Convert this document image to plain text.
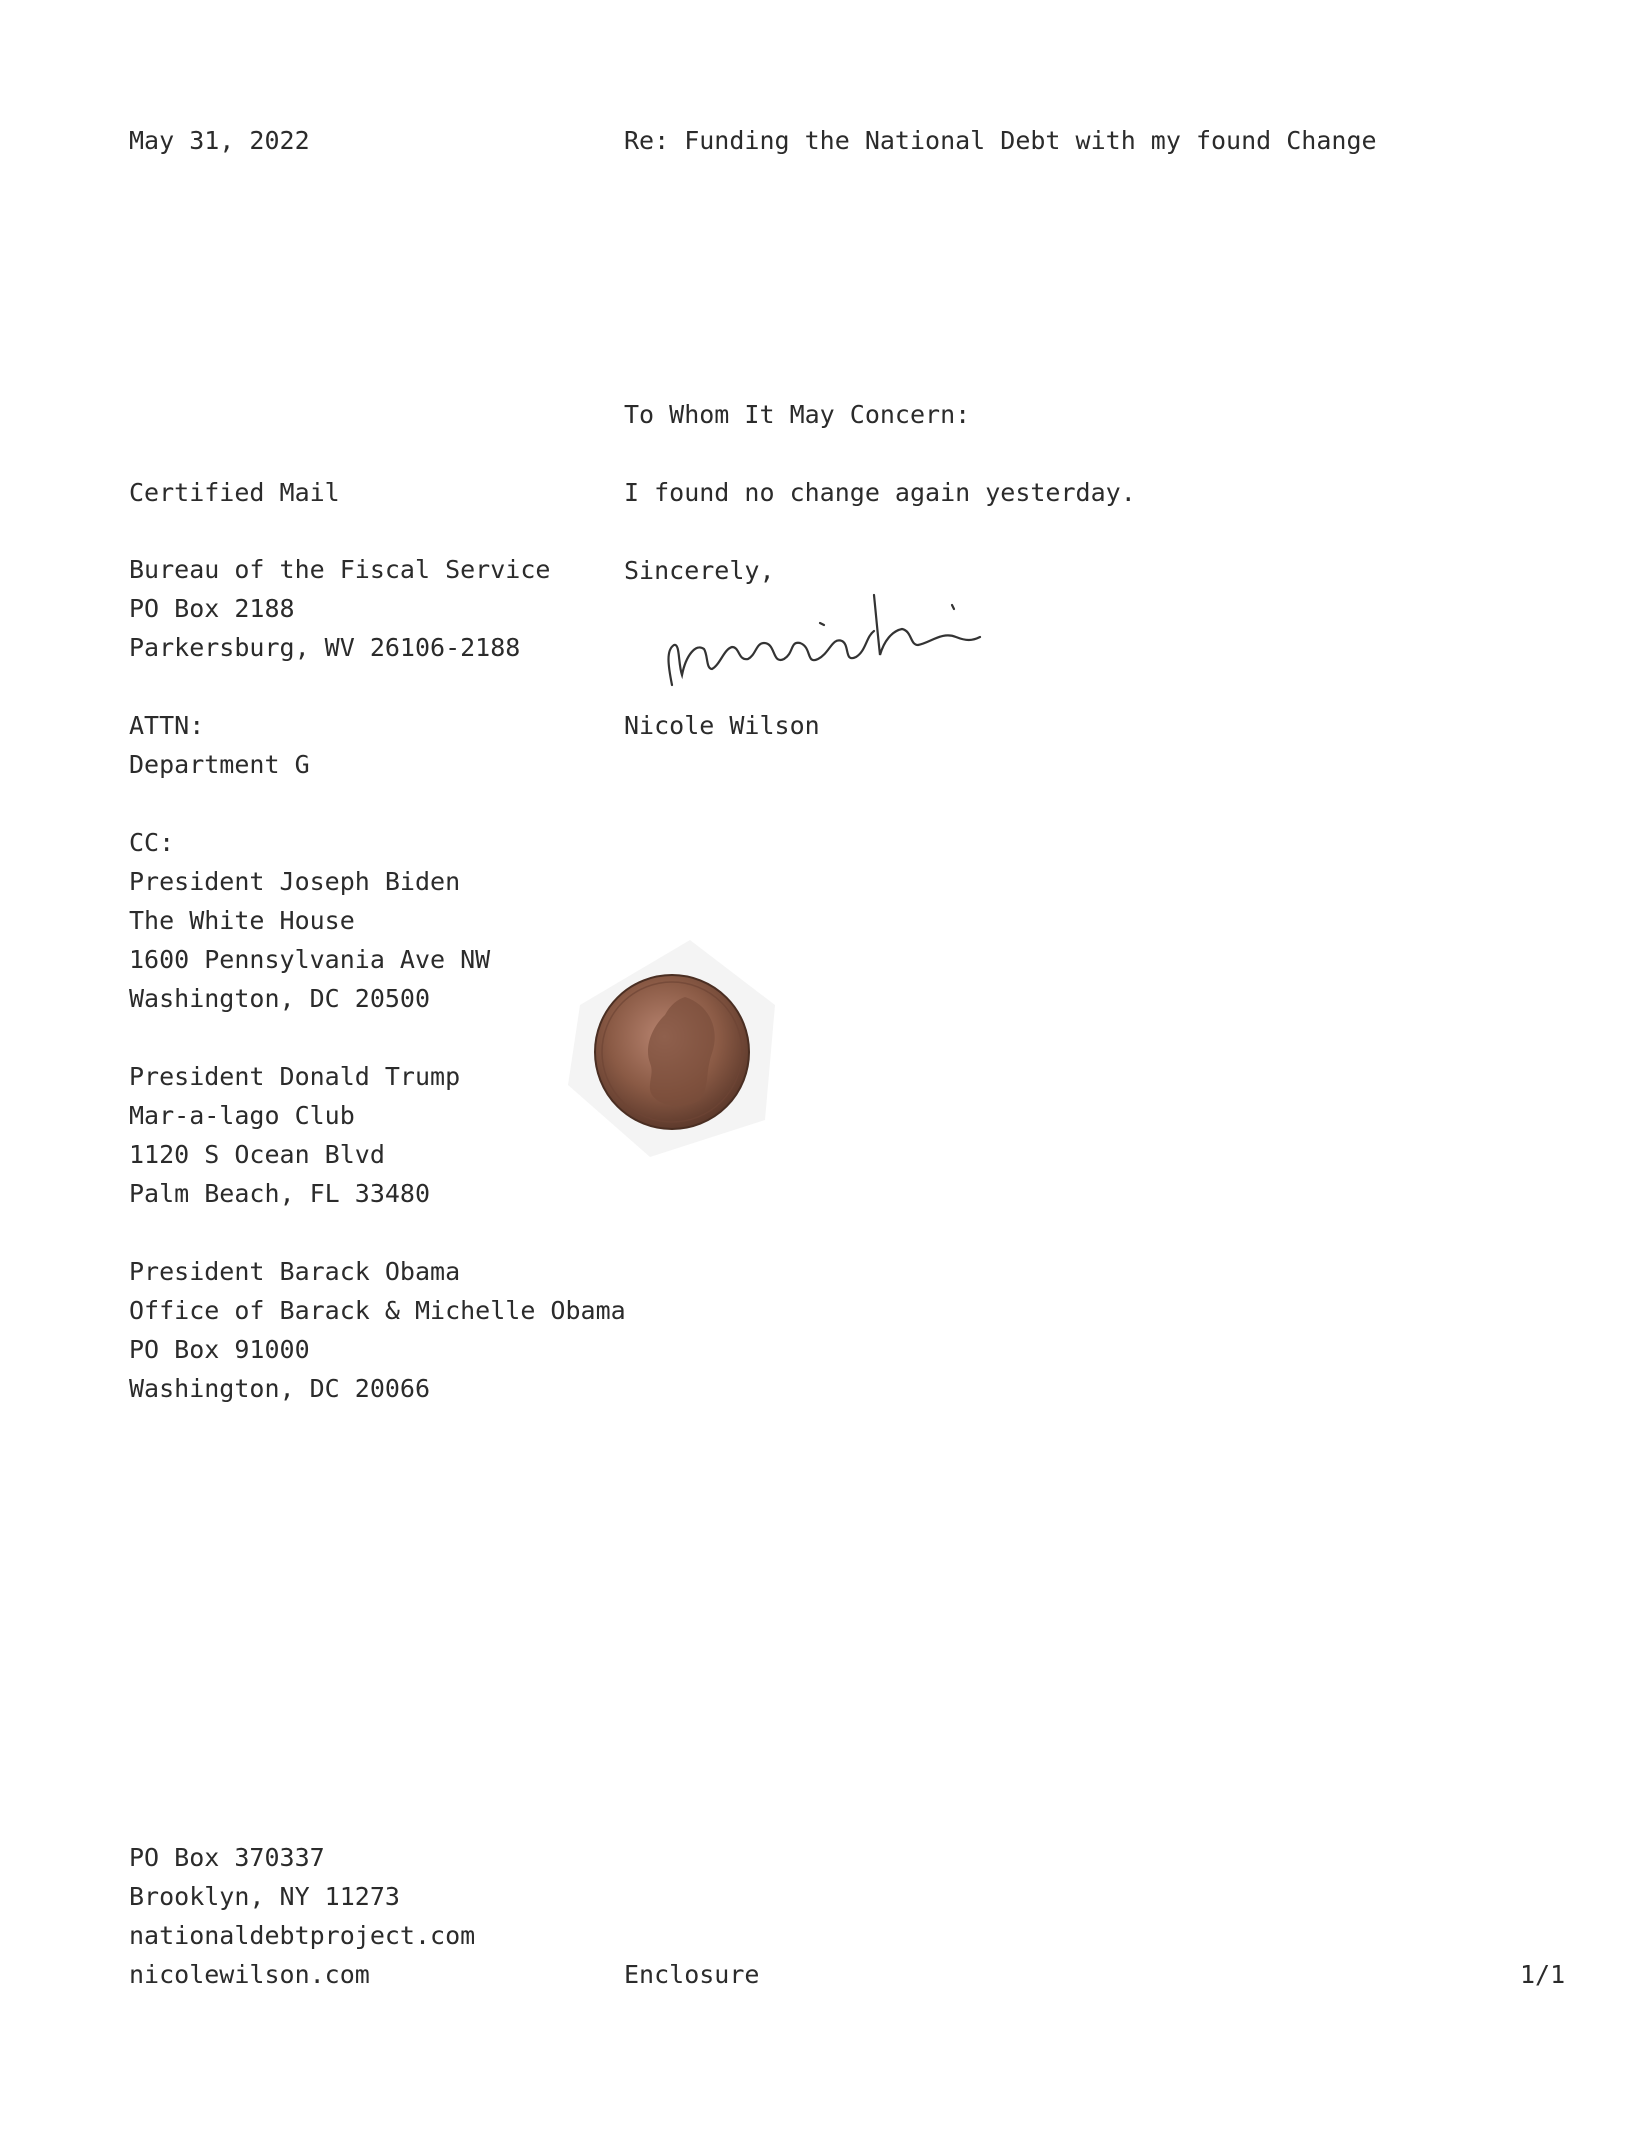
May 31, 2022	Re: Funding the National Debt with my found Change
To Whom It May Concern:
I found no change again yesterday.
Sincerely,
Nicole Wilson
Certified Mail
Bureau of the Fiscal Service
PO Box 2188
Parkersburg, WV 26106-2188
ATTN:
Department G
CC:
President Joseph Biden
The White House
1600 Pennsylvania Ave NW
Washington, DC 20500
President Donald Trump
Mar-a-lago Club
1120 S Ocean Blvd
Palm Beach, FL 33480
President Barack Obama
Office of Barack & Michelle Obama
PO Box 91000
Washington, DC 20066
PO Box 370337
Brooklyn, NY 11273
nationaldebtproject.com
nicolewilson.com	Enclosure	1/1
